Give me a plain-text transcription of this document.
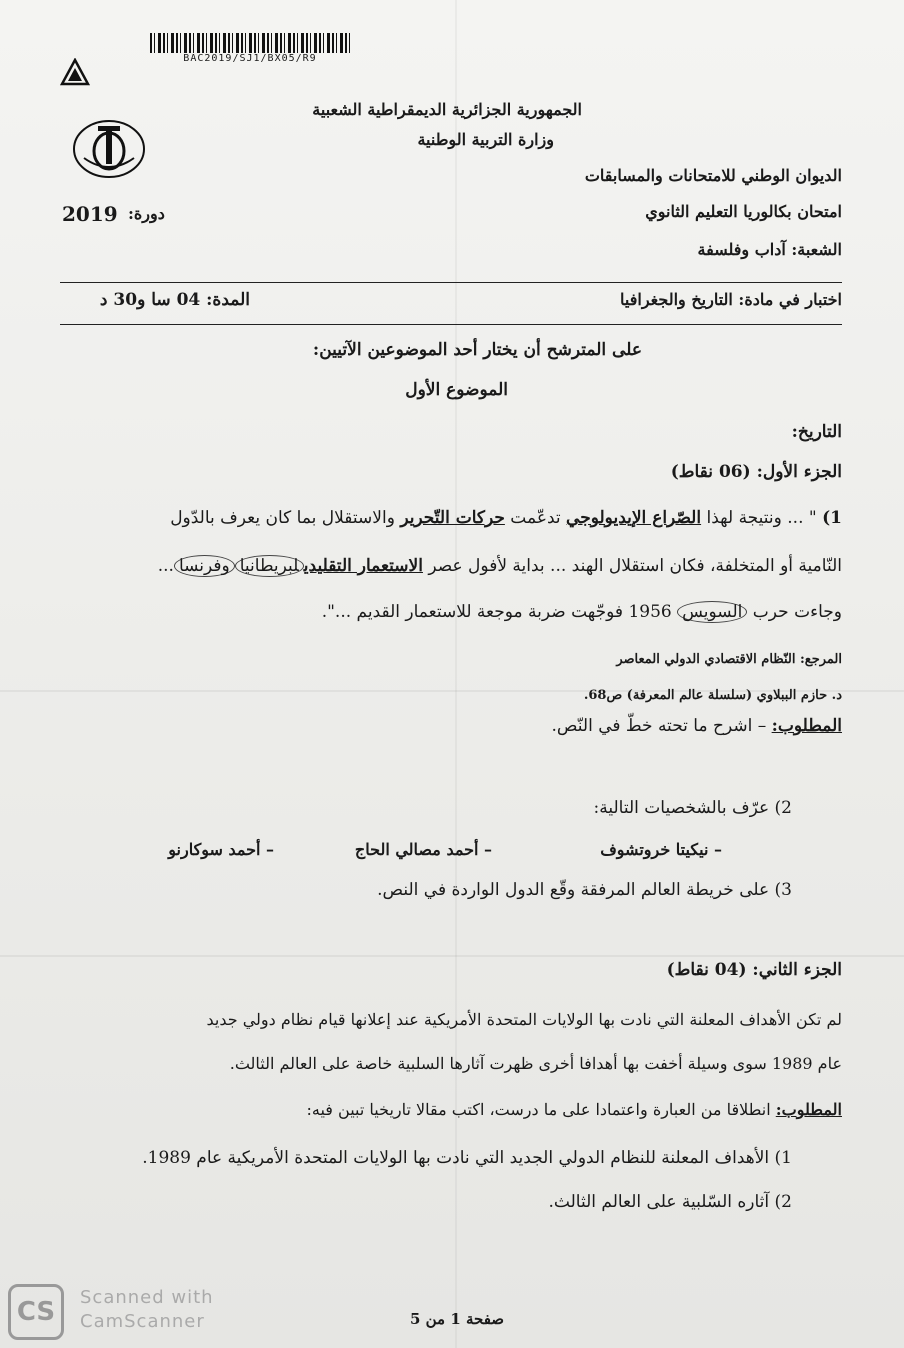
BAC2019/SJ1/BX05/R9
الجمهورية الجزائرية الديمقراطية الشعبية
وزارة التربية الوطنية
الديوان الوطني للامتحانات والمسابقات
امتحان بكالوريا التعليم الثانوي
2019 دورة:
الشعبة: آداب وفلسفة
اختبار في مادة: التاريخ والجغرافيا
المدة: 04 سا و30 د
على المترشح أن يختار أحد الموضوعين الآتيين:
الموضوع الأول
التاريخ:
الجزء الأول: (06 نقاط)
1) " ... ونتيجة لهذا الصّراع الإيديولوجي تدعّمت حركات التّحرير والاستقلال بما كان يعرف بالدّول
النّامية أو المتخلفة، فكان استقلال الهند ... بداية لأفول عصر الاستعمار التقليديلبريطانياوفرنسا...
وجاءت حرب السويس 1956 فوجّهت ضربة موجعة للاستعمار القديم ...".
المرجع: النّظام الاقتصادي الدولي المعاصر
د. حازم الببلاوي (سلسلة عالم المعرفة) ص68.
المطلوب: – اشرح ما تحته خطّ في النّص.
2) عرّف بالشخصيات التالية:
– نيكيتا خروتشوف
– أحمد مصالي الحاج
– أحمد سوكارنو
3) على خريطة العالم المرفقة وقّع الدول الواردة في النص.
الجزء الثاني: (04 نقاط)
لم تكن الأهداف المعلنة التي نادت بها الولايات المتحدة الأمريكية عند إعلانها قيام نظام دولي جديد
عام 1989 سوى وسيلة أخفت بها أهدافا أخرى ظهرت آثارها السلبية خاصة على العالم الثالث.
المطلوب: انطلاقا من العبارة واعتمادا على ما درست، اكتب مقالا تاريخيا تبين فيه:
1) الأهداف المعلنة للنظام الدولي الجديد التي نادت بها الولايات المتحدة الأمريكية عام 1989.
2) آثاره السّلبية على العالم الثالث.
صفحة 1 من 5
CS	Scanned with
CamScanner
